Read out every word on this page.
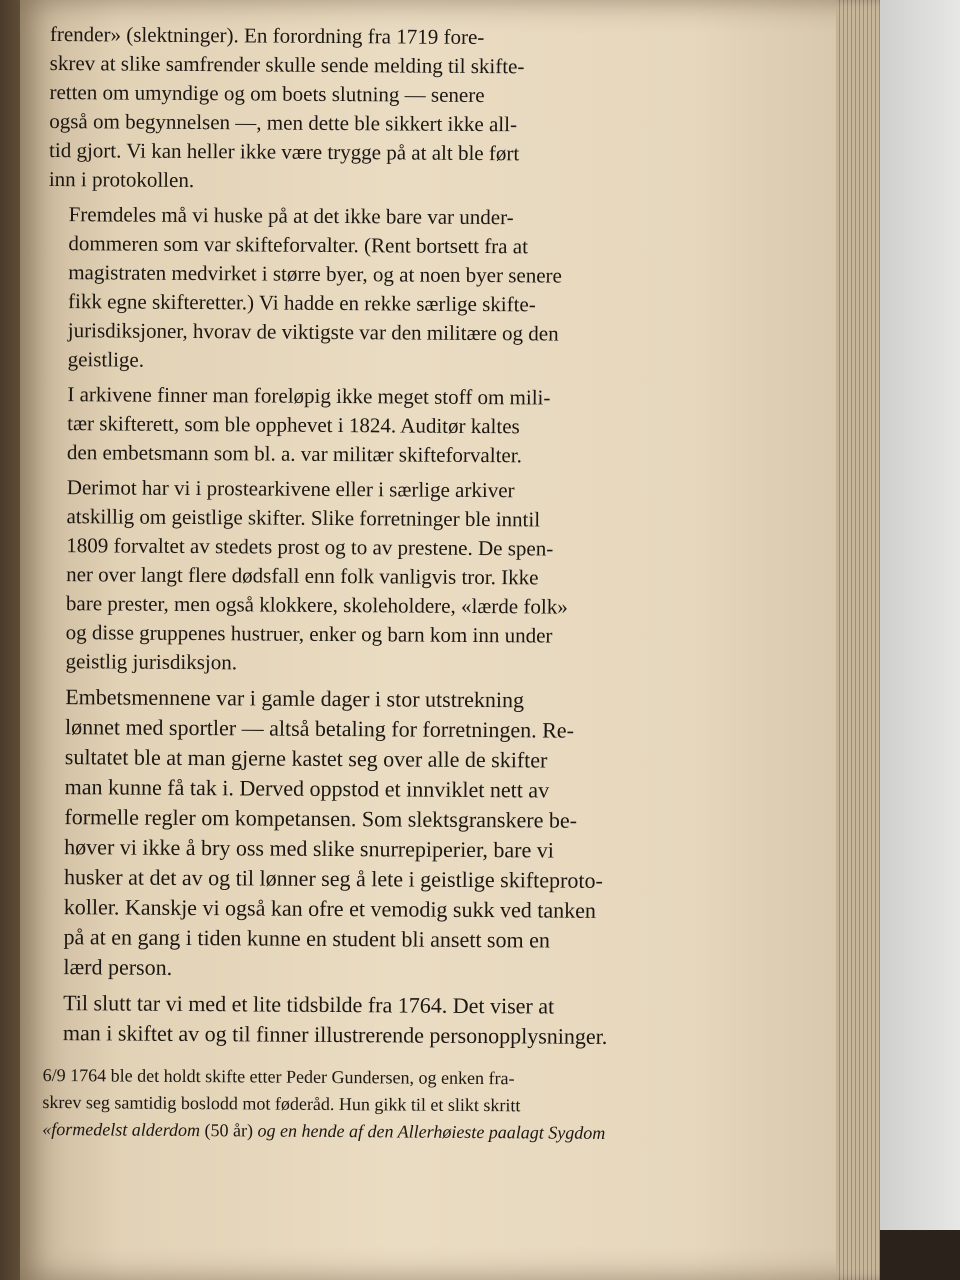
frender» (slektninger). En forordning fra 1719 fore-
skrev at slike samfrender skulle sende melding til skifte-
retten om umyndige og om boets slutning — senere
også om begynnelsen —, men dette ble sikkert ikke all-
tid gjort. Vi kan heller ikke være trygge på at alt ble ført
inn i protokollen.

Fremdeles må vi huske på at det ikke bare var under-
dommeren som var skifteforvalter. (Rent bortsett fra at
magistraten medvirket i større byer, og at noen byer senere
fikk egne skifteretter.) Vi hadde en rekke særlige skifte-
jurisdiksjoner, hvorav de viktigste var den militære og den
geistlige.

I arkivene finner man foreløpig ikke meget stoff om mili-
tær skifterett, som ble opphevet i 1824. Auditør kaltes
den embetsmann som bl. a. var militær skifteforvalter.

Derimot har vi i prostearkivene eller i særlige arkiver
atskillig om geistlige skifter. Slike forretninger ble inntil
1809 forvaltet av stedets prost og to av prestene. De spen-
ner over langt flere dødsfall enn folk vanligvis tror. Ikke
bare prester, men også klokkere, skoleholdere, «lærde folk»
og disse gruppenes hustruer, enker og barn kom inn under
geistlig jurisdiksjon.

Embetsmennene var i gamle dager i stor utstrekning
lønnet med sportler — altså betaling for forretningen. Re-
sultatet ble at man gjerne kastet seg over alle de skifter
man kunne få tak i. Derved oppstod et innviklet nett av
formelle regler om kompetansen. Som slektsgranskere be-
høver vi ikke å bry oss med slike snurrepiperier, bare vi
husker at det av og til lønner seg å lete i geistlige skifteproto-
koller. Kanskje vi også kan ofre et vemodig sukk ved tanken
på at en gang i tiden kunne en student bli ansett som en
lærd person.

Til slutt tar vi med et lite tidsbilde fra 1764. Det viser at
man i skiftet av og til finner illustrerende personopplysninger.

6/9 1764 ble det holdt skifte etter Peder Gundersen, og enken fra-
skrev seg samtidig boslodd mot føderåd. Hun gikk til et slikt skritt
«formedelst alderdom (50 år) og en hende af den Allerhøieste paalagt Sygdom
